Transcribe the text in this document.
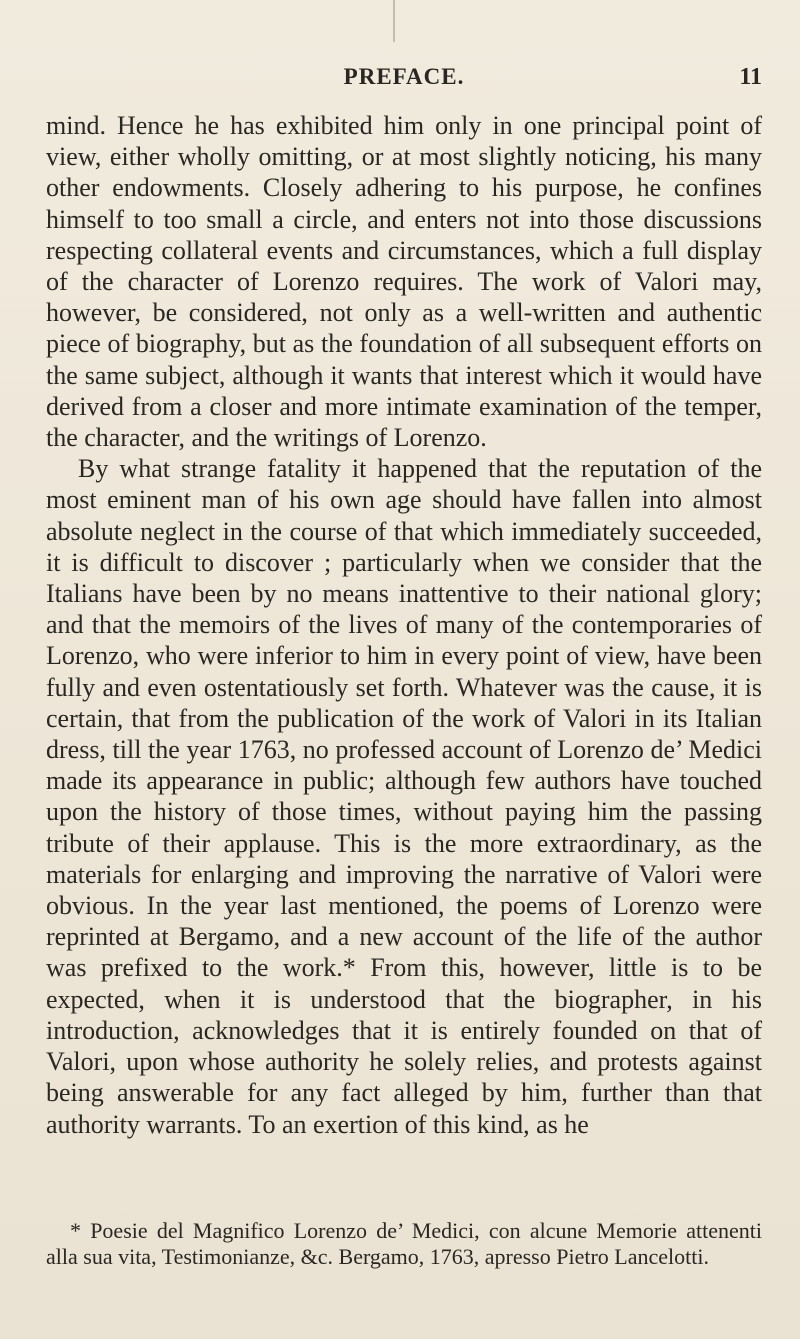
PREFACE.	11

mind. Hence he has exhibited him only in one principal point of view, either wholly omitting, or at most slightly noticing, his many other endowments. Closely adhering to his purpose, he confines himself to too small a circle, and enters not into those discussions respecting collateral events and circumstances, which a full display of the character of Lorenzo requires. The work of Valori may, however, be considered, not only as a well-written and authentic piece of biography, but as the foundation of all subsequent efforts on the same subject, although it wants that interest which it would have derived from a closer and more intimate examination of the temper, the character, and the writings of Lorenzo.

By what strange fatality it happened that the reputation of the most eminent man of his own age should have fallen into almost absolute neglect in the course of that which immediately succeeded, it is difficult to discover ; particularly when we consider that the Italians have been by no means inattentive to their national glory; and that the memoirs of the lives of many of the contemporaries of Lorenzo, who were inferior to him in every point of view, have been fully and even ostentatiously set forth. Whatever was the cause, it is certain, that from the publication of the work of Valori in its Italian dress, till the year 1763, no professed account of Lorenzo de’ Medici made its appearance in public; although few authors have touched upon the history of those times, without paying him the passing tribute of their applause. This is the more extraordinary, as the materials for enlarging and improving the narrative of Valori were obvious. In the year last mentioned, the poems of Lorenzo were reprinted at Bergamo, and a new account of the life of the author was prefixed to the work.* From this, however, little is to be expected, when it is understood that the biographer, in his introduction, acknowledges that it is entirely founded on that of Valori, upon whose authority he solely relies, and protests against being answerable for any fact alleged by him, further than that authority warrants. To an exertion of this kind, as he

* Poesie del Magnifico Lorenzo de’ Medici, con alcune Memorie attenenti alla sua vita, Testimonianze, &c. Bergamo, 1763, apresso Pietro Lancelotti.
